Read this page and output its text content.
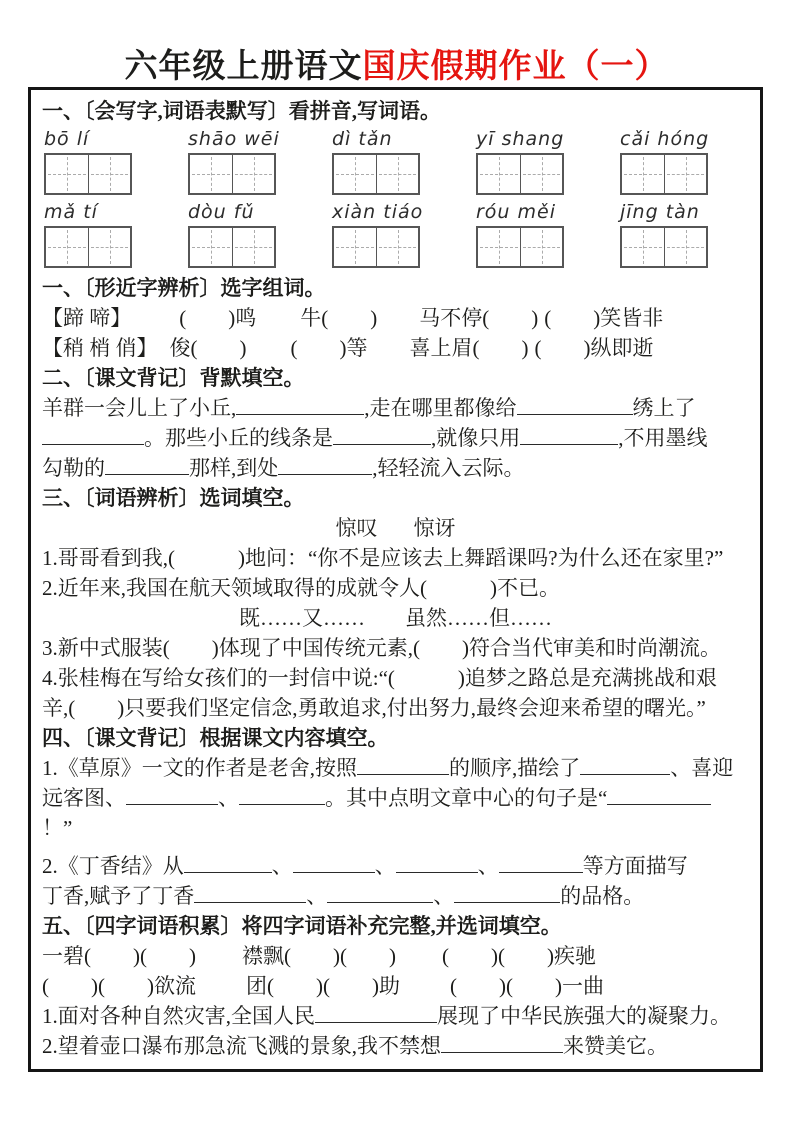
六年级上册语文国庆假期作业（一）
一、〔会写字,词语表默写〕看拼音,写词语。
bō lí	shāo wēi	dì tǎn	yī shang	cǎi hóng
mǎ tí	dòu fǔ	xiàn tiáo	róu měi	jīng tàn
一、〔形近字辨析〕选字组词。
【蹄 啼】 (　　)鸣 牛(　　) 马不停(　　) (　　)笑皆非
【稍 梢 俏】 俊(　　) (　　)等 喜上眉(　　) (　　)纵即逝
二、〔课文背记〕背默填空。
羊群一会儿上了小丘,	,走在哪里都像给	绣上了
。那些小丘的线条是	,就像只用	,不用墨线
勾勒的	那样,到处	,轻轻流入云际。
三、〔词语辨析〕选词填空。
惊叹 惊讶
1.哥哥看到我,(　　　)地问：“你不是应该去上舞蹈课吗?为什么还在家里?”
2.近年来,我国在航天领域取得的成就令人(　　　)不已。
既……又…… 虽然……但……
3.新中式服装(　　)体现了中国传统元素,(　　)符合当代审美和时尚潮流。
4.张桂梅在写给女孩们的一封信中说:“(　　　)追梦之路总是充满挑战和艰
辛,(　　)只要我们坚定信念,勇敢追求,付出努力,最终会迎来希望的曙光。”
四、〔课文背记〕根据课文内容填空。
1.《草原》一文的作者是老舍,按照	的顺序,描绘了	、喜迎
远客图、	、	。其中点明文章中心的句子是“
！”
2.《丁香结》从	、	、	、	等方面描写
丁香,赋予了丁香	、	、	的品格。
五、〔四字词语积累〕将四字词语补充完整,并选词填空。
一碧(　　)(　　) 襟飘(　　)(　　) (　　)(　　)疾驰
(　　)(　　)欲流 团(　　)(　　)助 (　　)(　　)一曲
1.面对各种自然灾害,全国人民	展现了中华民族强大的凝聚力。
2.望着壶口瀑布那急流飞溅的景象,我不禁想	来赞美它。
